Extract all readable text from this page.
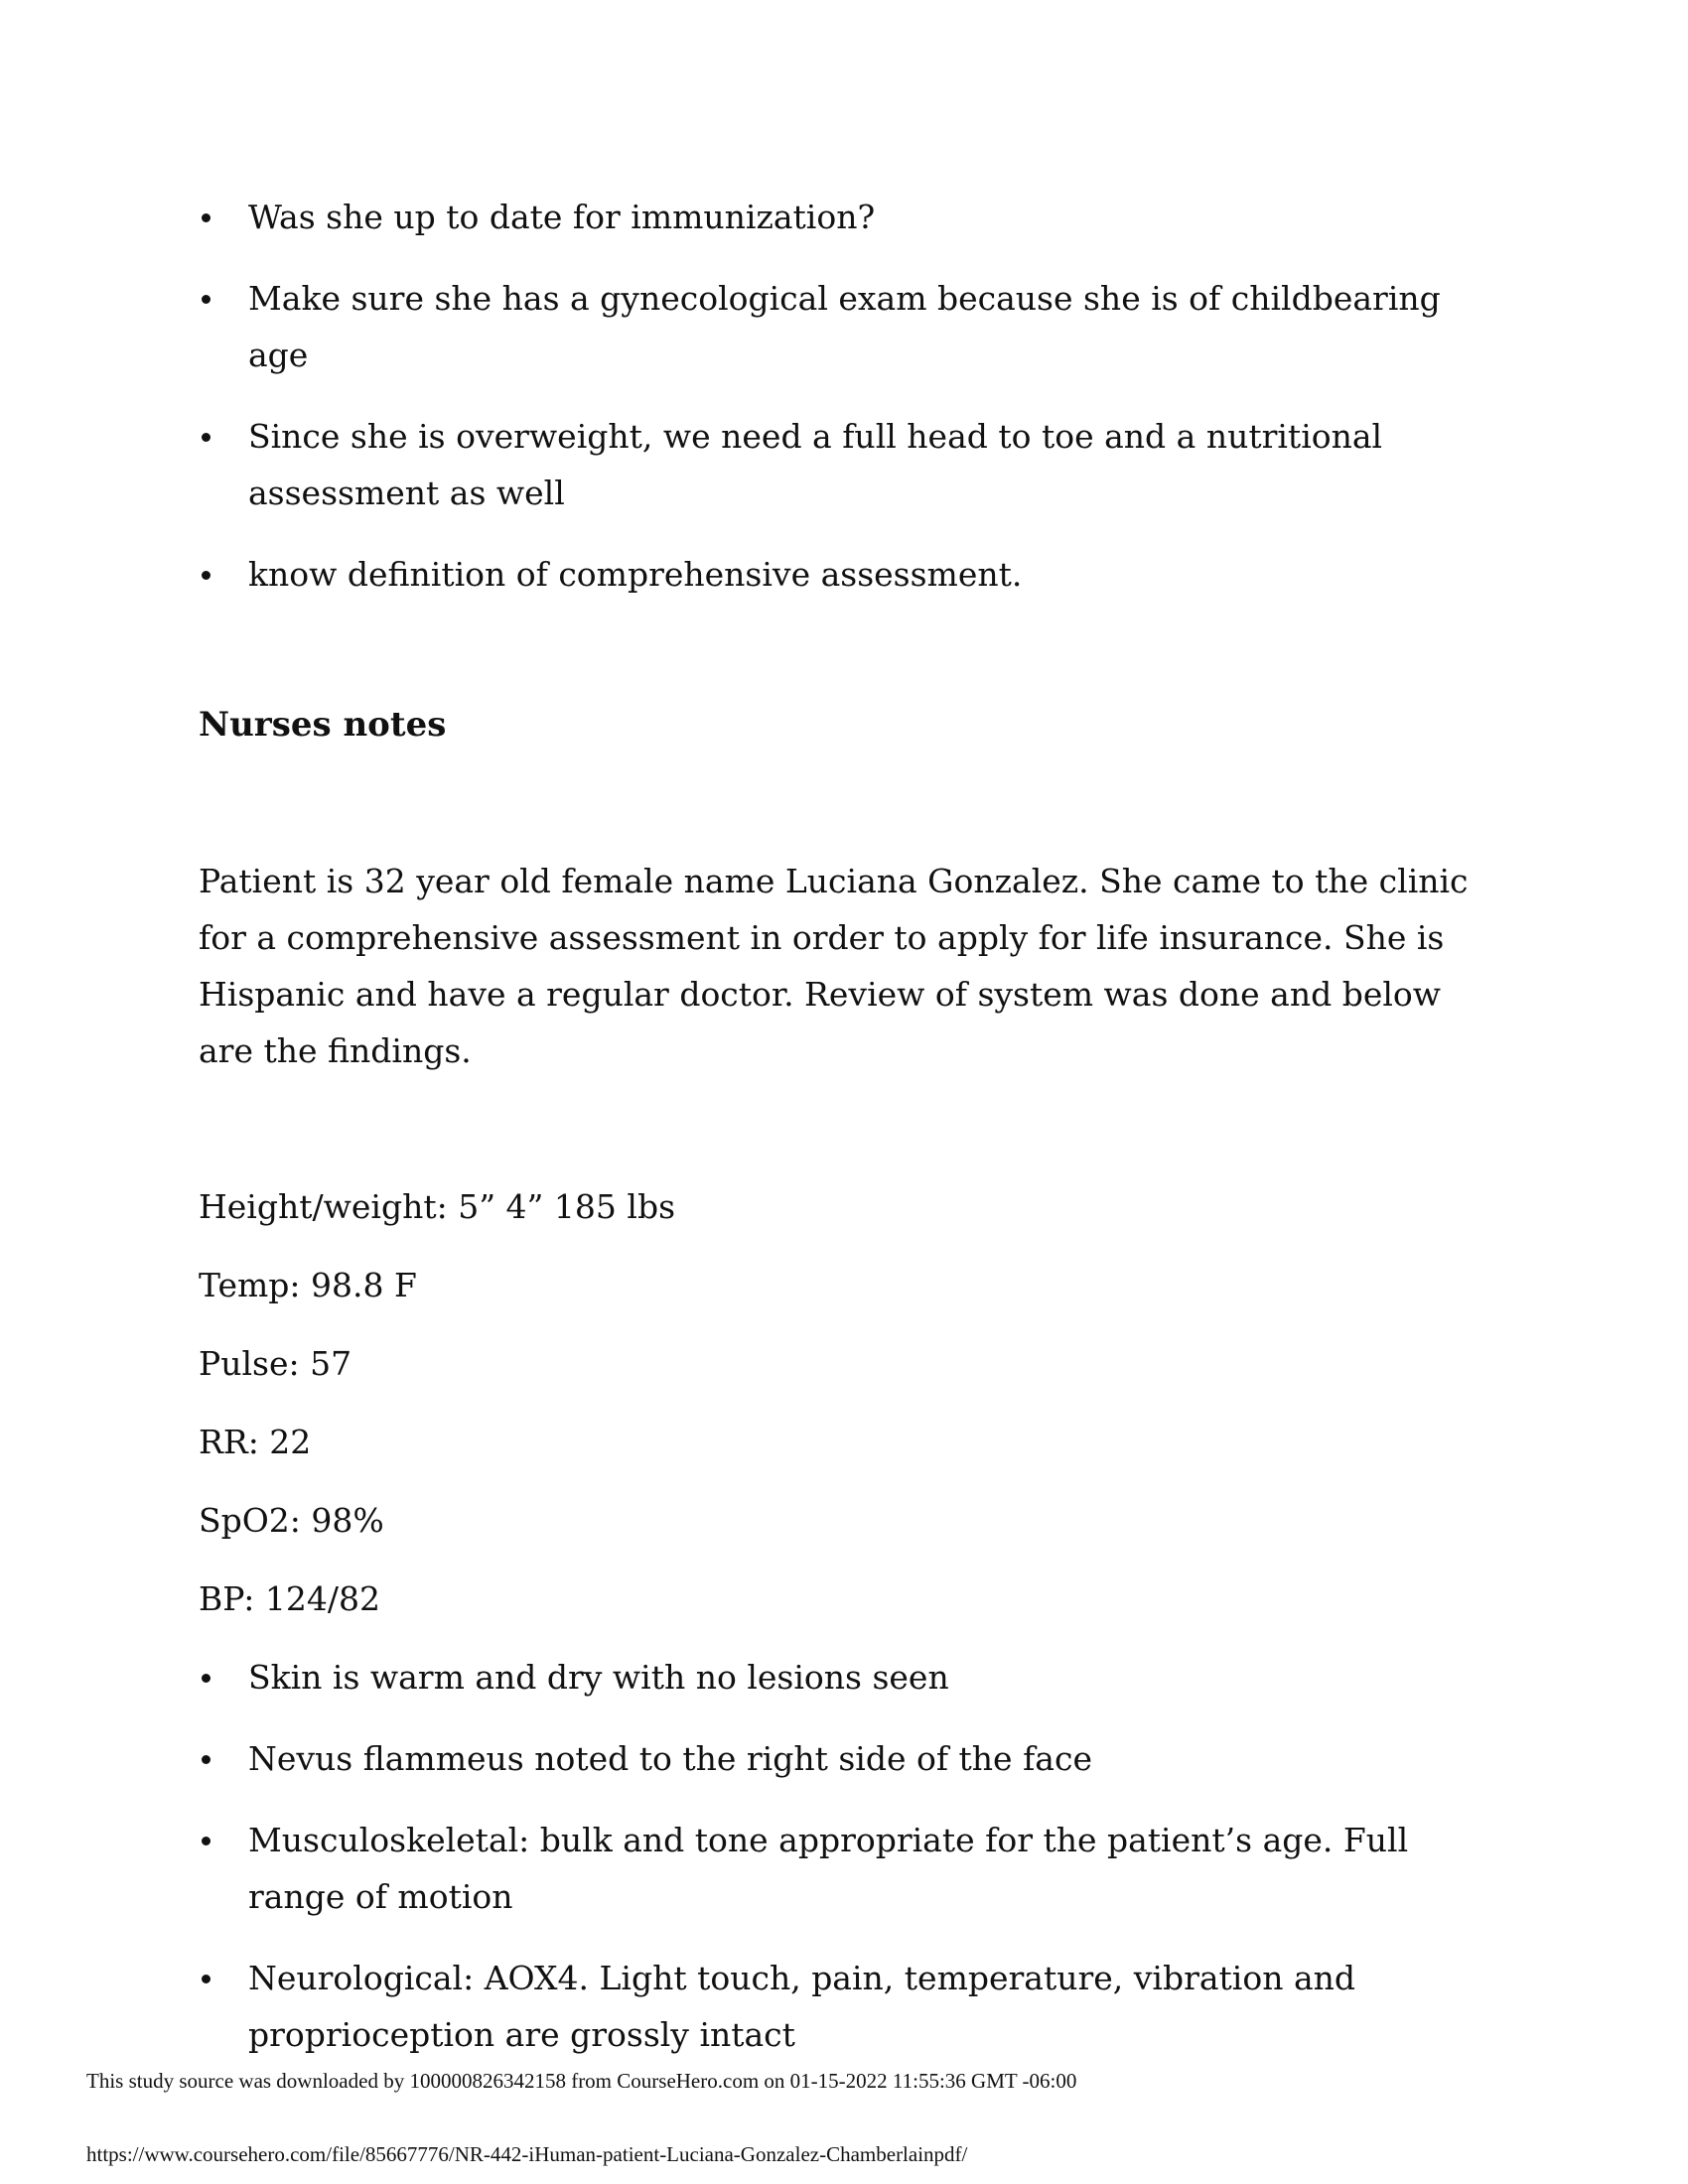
Was she up to date for immunization?
Make sure she has a gynecological exam because she is of childbearing age
Since she is overweight, we need a full head to toe and a nutritional assessment as well
know definition of comprehensive assessment.
Nurses notes

Patient is 32 year old female name Luciana Gonzalez. She came to the clinic for a comprehensive assessment in order to apply for life insurance. She is Hispanic and have a regular doctor. Review of system was done and below are the findings.

Height/weight: 5” 4” 185 lbs
Temp: 98.8 F
Pulse: 57
RR: 22
SpO2: 98%
BP: 124/82
Skin is warm and dry with no lesions seen
Nevus flammeus noted to the right side of the face
Musculoskeletal: bulk and tone appropriate for the patient’s age. Full range of motion
Neurological: AOX4. Light touch, pain, temperature, vibration and proprioception are grossly intact
This study source was downloaded by 100000826342158 from CourseHero.com on 01-15-2022 11:55:36 GMT -06:00
https://www.coursehero.com/file/85667776/NR-442-iHuman-patient-Luciana-Gonzalez-Chamberlainpdf/
